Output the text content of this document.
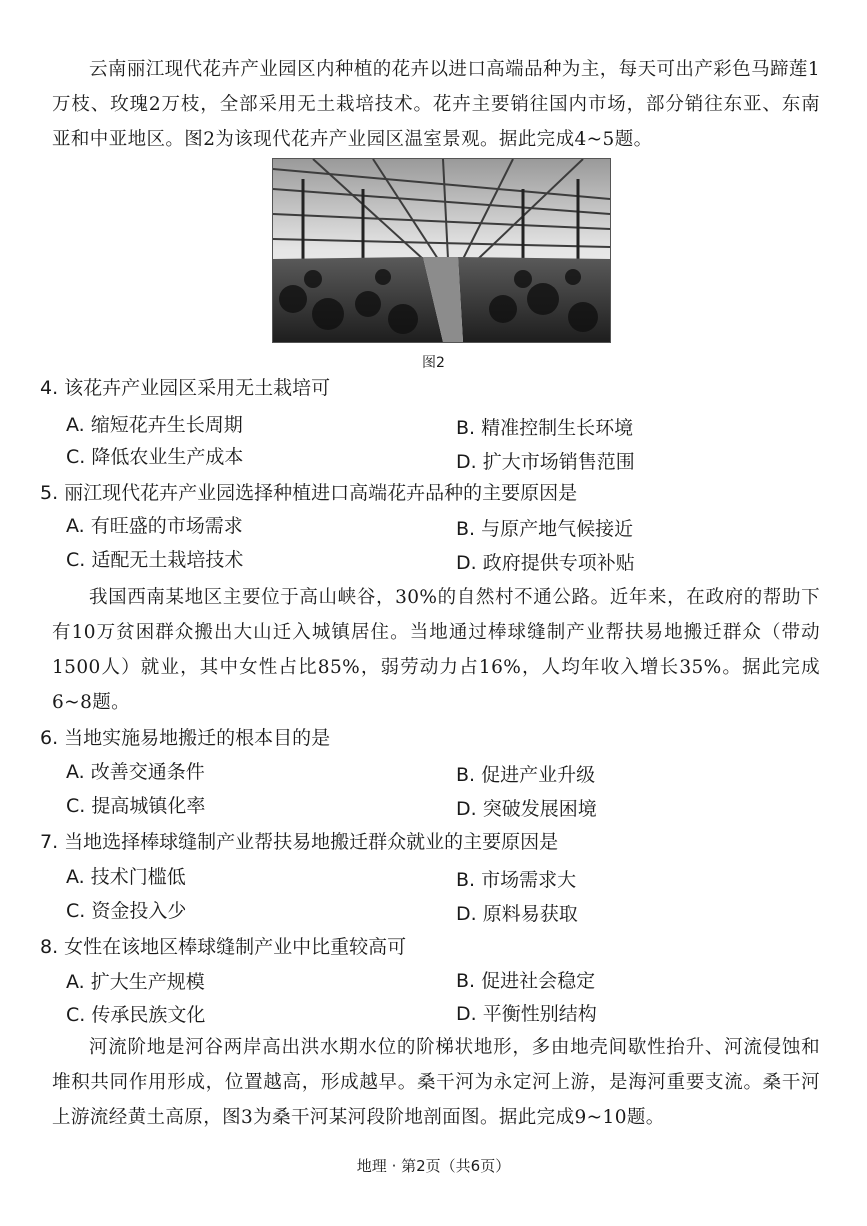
云南丽江现代花卉产业园区内种植的花卉以进口高端品种为主，每天可出产彩色马蹄莲1万枝、玫瑰2万枝，全部采用无土栽培技术。花卉主要销往国内市场，部分销往东亚、东南亚和中亚地区。图2为该现代花卉产业园区温室景观。据此完成4~5题。
图2
4. 该花卉产业园区采用无土栽培可
A. 缩短花卉生长周期	B. 精准控制生长环境
C. 降低农业生产成本	D. 扩大市场销售范围
5. 丽江现代花卉产业园选择种植进口高端花卉品种的主要原因是
A. 有旺盛的市场需求	B. 与原产地气候接近
C. 适配无土栽培技术	D. 政府提供专项补贴
我国西南某地区主要位于高山峡谷，30%的自然村不通公路。近年来，在政府的帮助下有10万贫困群众搬出大山迁入城镇居住。当地通过棒球缝制产业帮扶易地搬迁群众（带动1500人）就业，其中女性占比85%，弱劳动力占16%，人均年收入增长35%。据此完成6~8题。
6. 当地实施易地搬迁的根本目的是
A. 改善交通条件	B. 促进产业升级
C. 提高城镇化率	D. 突破发展困境
7. 当地选择棒球缝制产业帮扶易地搬迁群众就业的主要原因是
A. 技术门槛低	B. 市场需求大
C. 资金投入少	D. 原料易获取
8. 女性在该地区棒球缝制产业中比重较高可
A. 扩大生产规模	B. 促进社会稳定
C. 传承民族文化	D. 平衡性别结构
河流阶地是河谷两岸高出洪水期水位的阶梯状地形，多由地壳间歇性抬升、河流侵蚀和堆积共同作用形成，位置越高，形成越早。桑干河为永定河上游，是海河重要支流。桑干河上游流经黄土高原，图3为桑干河某河段阶地剖面图。据此完成9~10题。
地理 · 第2页（共6页）
